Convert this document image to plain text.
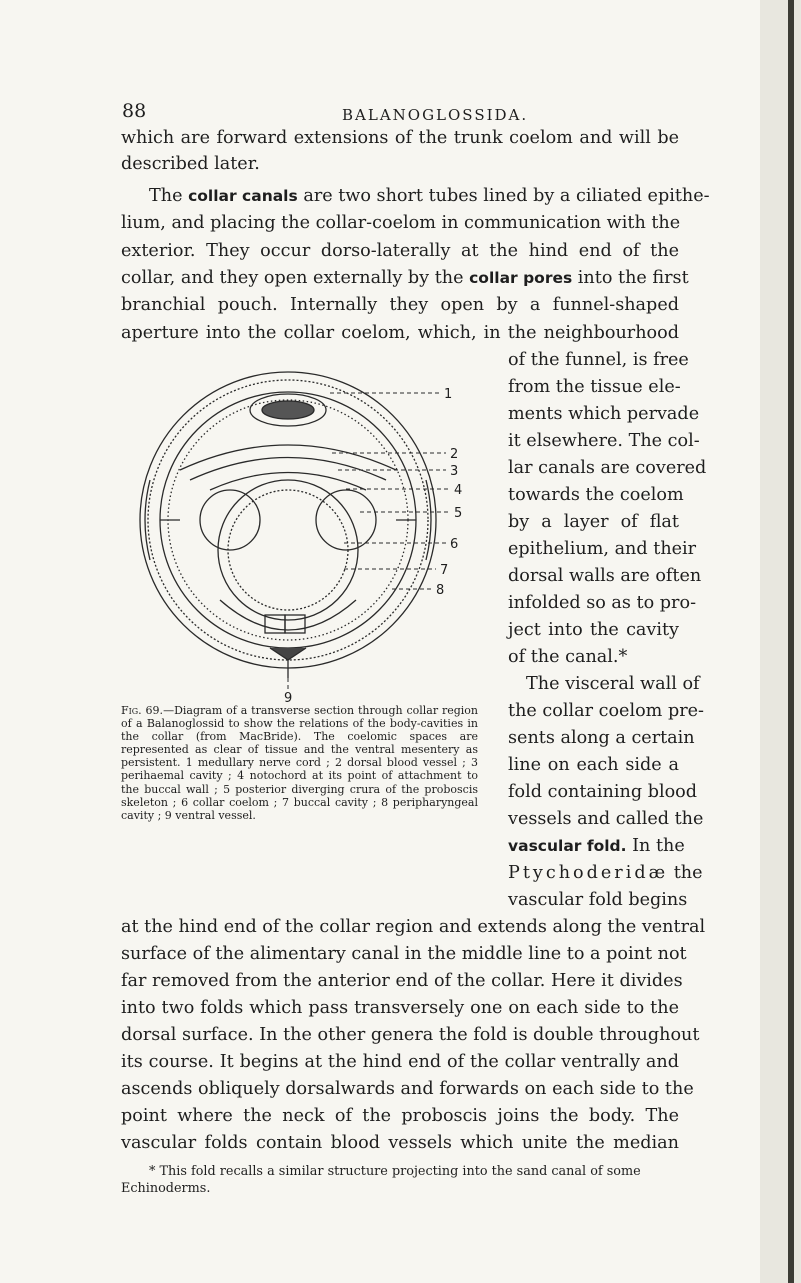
88	BALANOGLOSSIDA.
which are forward extensions of the trunk coelom and will be
described later.
The collar canals are two short tubes lined by a ciliated epithe-
lium, and placing the collar-coelom in communication with the
exterior. They occur dorso-laterally at the hind end of the
collar, and they open externally by the collar pores into the first
branchial pouch. Internally they open by a funnel-shaped
aperture into the collar coelom, which, in the neighbourhood
of the funnel, is free
from the tissue ele-
ments which pervade
it elsewhere. The col-
lar canals are covered
towards the coelom
by a layer of flat
epithelium, and their
dorsal walls are often
infolded so as to pro-
ject into the cavity
of the canal.*
The visceral wall of
the collar coelom pre-
sents along a certain
line on each side a
fold containing blood
vessels and called the
vascular fold. In the
Ptychoderidæ the
vascular fold begins
at the hind end of the collar region and extends along the ventral
surface of the alimentary canal in the middle line to a point not
far removed from the anterior end of the collar. Here it divides
into two folds which pass transversely one on each side to the
dorsal surface. In the other genera the fold is double throughout
its course. It begins at the hind end of the collar ventrally and
ascends obliquely dorsalwards and forwards on each side to the
point where the neck of the proboscis joins the body. The
vascular folds contain blood vessels which unite the median
1
2
3
4
5
6
7
8
9
Fig. 69.—Diagram of a transverse section through collar region of a Balanoglossid to show the relations of the body-cavities in the collar (from MacBride). The coelomic spaces are represented as clear of tissue and the ventral mesentery as persistent. 1 medullary nerve cord ; 2 dorsal blood vessel ; 3 perihaemal cavity ; 4 notochord at its point of attachment to the buccal wall ; 5 posterior diverging crura of the proboscis skeleton ; 6 collar coelom ; 7 buccal cavity ; 8 peripharyngeal cavity ; 9 ventral vessel.
* This fold recalls a similar structure projecting into the sand canal of some Echinoderms.
